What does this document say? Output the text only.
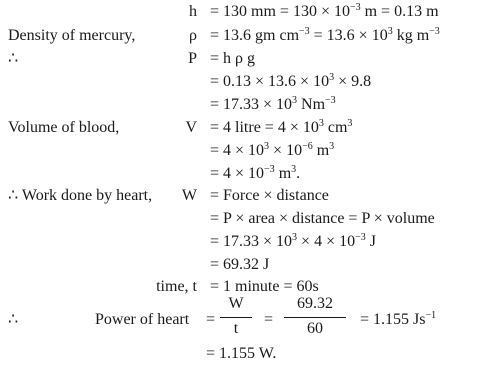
h = 130 mm = $130 \times 10^{-3}$ m = 0.13 m
Density of mercury,	ρ = 13.6 gm $cm^{-3} = 13.6 \times 10^3$ kg $m^{-3}$
∴	P = h ρ g
= $0.13 \times 13.6 \times 10^3 \times 9.8$
= $17.33 \times 10^3$ $Nm^{-3}$
Volume of blood,	V = 4 litre = $4 \times 10^3$ $cm^3$
= $4 \times 10^3 \times 10^{-6}$ $m^3$
= $4 \times 10^{-3}$ $m^3$.
∴ Work done by heart, W = Force × distance
= P × area × distance = P × volume
= $17.33 \times 10^3 \times 4 \times 10^{-3}$ J
= 69.32 J
time, t = 1 minute = 60s
∴	Power of heart =
W
t
=
69.32
60
= 1.155 $Js^{-1}$
= 1.155 W.
